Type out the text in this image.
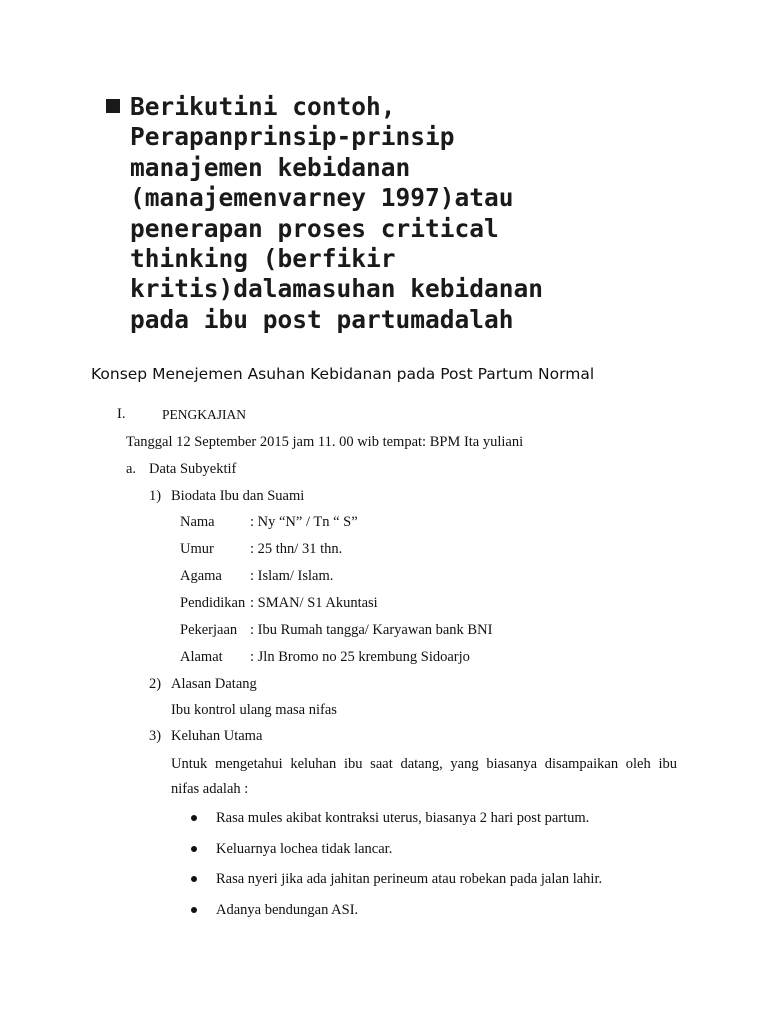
Berikutini contoh,
Perapanprinsip-prinsip
manajemen kebidanan
(manajemenvarney 1997)atau
penerapan proses critical
thinking (berfikir
kritis)dalamasuhan kebidanan
pada ibu post partumadalah
Konsep Menejemen Asuhan Kebidanan pada Post Partum Normal
I.	PENGKAJIAN
Tanggal 12 September 2015 jam 11. 00 wib tempat: BPM Ita yuliani
a. Data Subyektif
1) Biodata Ibu dan Suami
Nama : Ny “N” / Tn “ S”
Umur : 25 thn/ 31 thn.
Agama : Islam/ Islam.
Pendidikan : SMAN/ S1 Akuntasi
Pekerjaan : Ibu Rumah tangga/ Karyawan bank BNI
Alamat : Jln Bromo no 25 krembung Sidoarjo
2) Alasan Datang
Ibu kontrol ulang masa nifas
3) Keluhan Utama
Untuk mengetahui keluhan ibu saat datang, yang biasanya disampaikan oleh ibu
nifas adalah :
Rasa mules akibat kontraksi uterus, biasanya 2 hari post partum.
Keluarnya lochea tidak lancar.
Rasa nyeri jika ada jahitan perineum atau robekan pada jalan lahir.
Adanya bendungan ASI.
